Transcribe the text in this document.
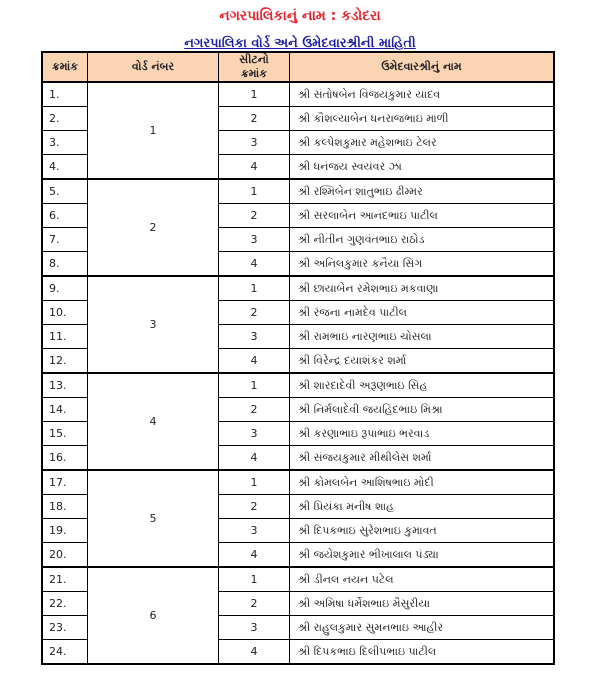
નગરપાલિકાનું નામ : કડોદરા
નગરપાલિકા વોર્ડ અને ઉમેદવારશ્રીની માહિતી
ક્રમાંક	વોર્ડ નંબર	સીટનો ક્રમાંક	ઉમેદવારશ્રીનું નામ
1.	1	1	શ્રી સંતોષબેન વિજયકુમાર યાદવ
2.		2	શ્રી કૌશલ્યાબેન ધનરાજભાઇ માળી
3.		3	શ્રી કલ્પેશકુમાર મહેશભાઇ ટેલર
4.		4	શ્રી ધનંજય સ્વયંવર ઝા
5.	2	1	શ્રી રશ્મિબેન શાંતુભાઇ ઢીમ્મર
6.		2	શ્રી સરલાબેન આનંદભાઇ પાટીલ
7.		3	શ્રી નીતીન ગુણવંતભાઇ રાઠોડ
8.		4	શ્રી અનિલકુમાર કનૈયા સિંગ
9.	3	1	શ્રી છાયાબેન રમેશભાઇ મકવાણા
10.		2	શ્રી રંજના નામદેવ પાટીલ
11.		3	શ્રી રામભાઇ નારણભાઇ ચોસલા
12.		4	શ્રી વિરેન્દ્ર દયાશંકર શર્મા
13.	4	1	શ્રી શારદાદેવી અરૂણભાઇ સિંહ
14.		2	શ્રી નિર્મલાદેવી જયહિંદભાઇ મિશ્રા
15.		3	શ્રી કરણાભાઇ રૂપાભાઇ ભરવાડ
16.		4	શ્રી સંજયકુમાર મીથીલેસ શર્મા
17.	5	1	શ્રી કોમલબેન આશિષભાઇ મોદી
18.		2	શ્રી પ્રિયંકા મનીષ શાહ
19.		3	શ્રી દિપકભાઇ સુરેશભાઇ કુમાવત
20.		4	શ્રી જયેશકુમાર ભીખાલાલ પંડ્યા
21.	6	1	શ્રી ડીનલ નયન પટેલ
22.		2	શ્રી અમિષા ધર્મેશભાઇ મૈસુરીયા
23.		3	શ્રી રાહુલકુમાર સુમનભાઇ આહીર
24.		4	શ્રી દિપકભાઇ દિલીપભાઇ પાટીલ
